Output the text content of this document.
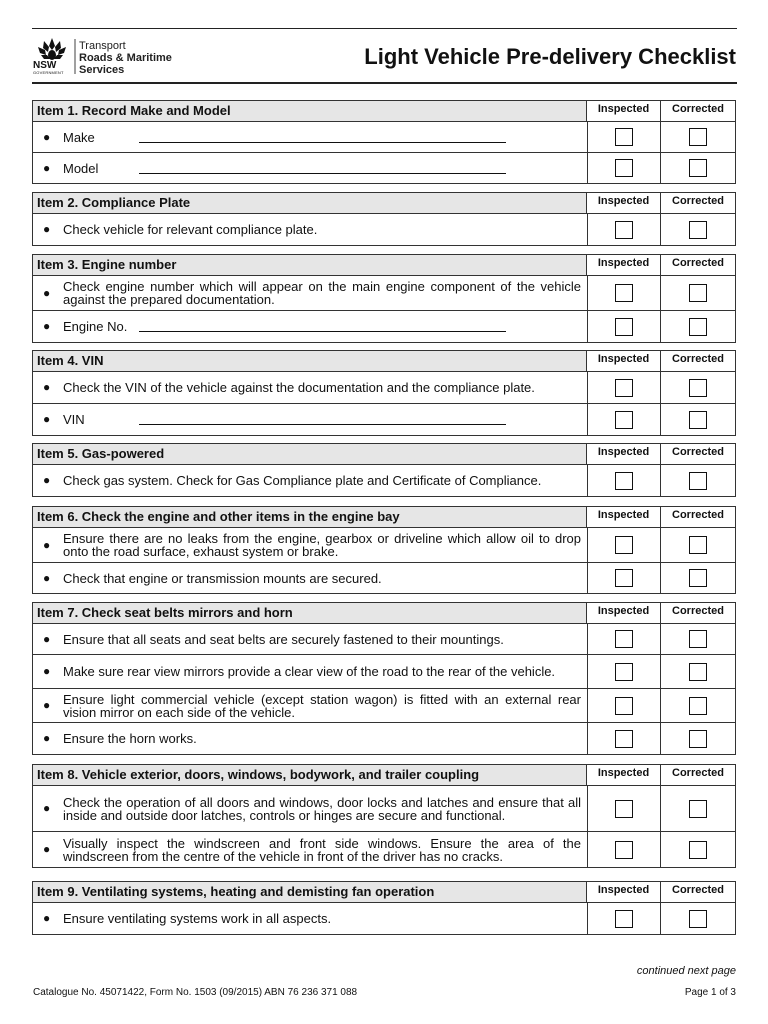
NSW
GOVERNMENT
Transport
Roads & Maritime
Services
Light Vehicle Pre-delivery Checklist
Item 1. Record Make and Model	Inspected	Corrected
● Make
● Model
Item 2. Compliance Plate	Inspected	Corrected
● Check vehicle for relevant compliance plate.
Item 3. Engine number	Inspected	Corrected
● Check engine number which will appear on the main engine component of the vehicle against the prepared documentation.
● Engine No.
Item 4. VIN	Inspected	Corrected
● Check the VIN of the vehicle against the documentation and the compliance plate.
● VIN
Item 5. Gas-powered	Inspected	Corrected
● Check gas system. Check for Gas Compliance plate and Certificate of Compliance.
Item 6. Check the engine and other items in the engine bay	Inspected	Corrected
● Ensure there are no leaks from the engine, gearbox or driveline which allow oil to drop onto the road surface, exhaust system or brake.
● Check that engine or transmission mounts are secured.
Item 7. Check seat belts mirrors and horn	Inspected	Corrected
● Ensure that all seats and seat belts are securely fastened to their mountings.
● Make sure rear view mirrors provide a clear view of the road to the rear of the vehicle.
● Ensure light commercial vehicle (except station wagon) is fitted with an external rear vision mirror on each side of the vehicle.
● Ensure the horn works.
Item 8. Vehicle exterior, doors, windows, bodywork, and trailer coupling	Inspected	Corrected
● Check the operation of all doors and windows, door locks and latches and ensure that all inside and outside door latches, controls or hinges are secure and functional.
● Visually inspect the windscreen and front side windows. Ensure the area of the windscreen from the centre of the vehicle in front of the driver has no cracks.
Item 9. Ventilating systems, heating and demisting fan operation	Inspected	Corrected
● Ensure ventilating systems work in all aspects.
continued next page
Catalogue No. 45071422, Form No. 1503 (09/2015) ABN 76 236 371 088	Page 1 of 3
